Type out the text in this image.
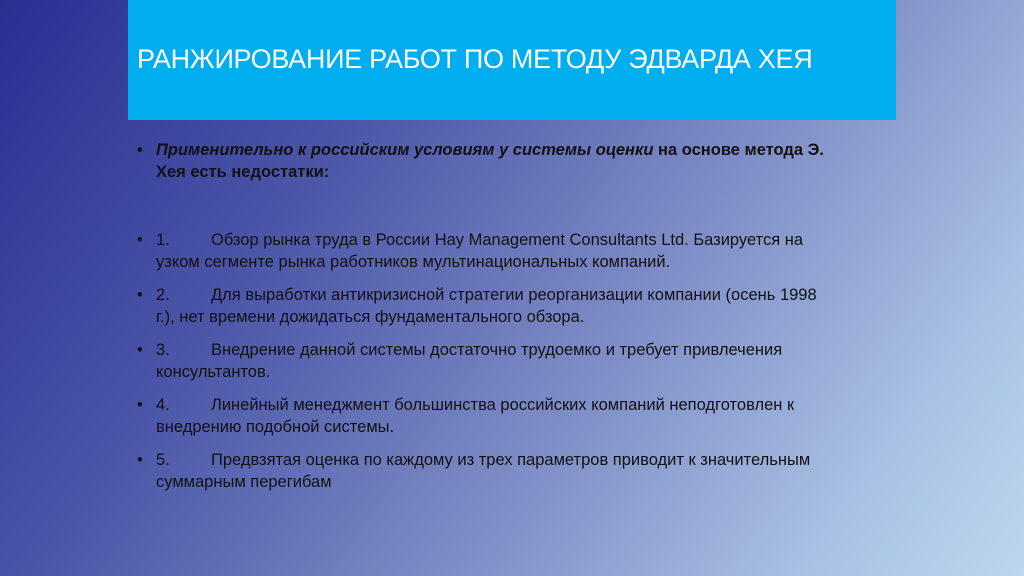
РАНЖИРОВАНИЕ РАБОТ ПО МЕТОДУ ЭДВАРДА ХЕЯ
• Применительно к российским условиям у системы оценки на основе метода Э. Хея есть недостатки:
• 1. Обзор рынка труда в России Hay Management Consultants Ltd. Базируется на узком сегменте рынка работников мультинациональных компаний.
• 2. Для выработки антикризисной стратегии реорганизации компании (осень 1998 г.), нет времени дожидаться фундаментального обзора.
• 3. Внедрение данной системы достаточно трудоемко и требует привлечения консультантов.
• 4. Линейный менеджмент большинства российских компаний неподготовлен к внедрению подобной системы.
• 5. Предвзятая оценка по каждому из трех параметров приводит к значительным суммарным перегибам
